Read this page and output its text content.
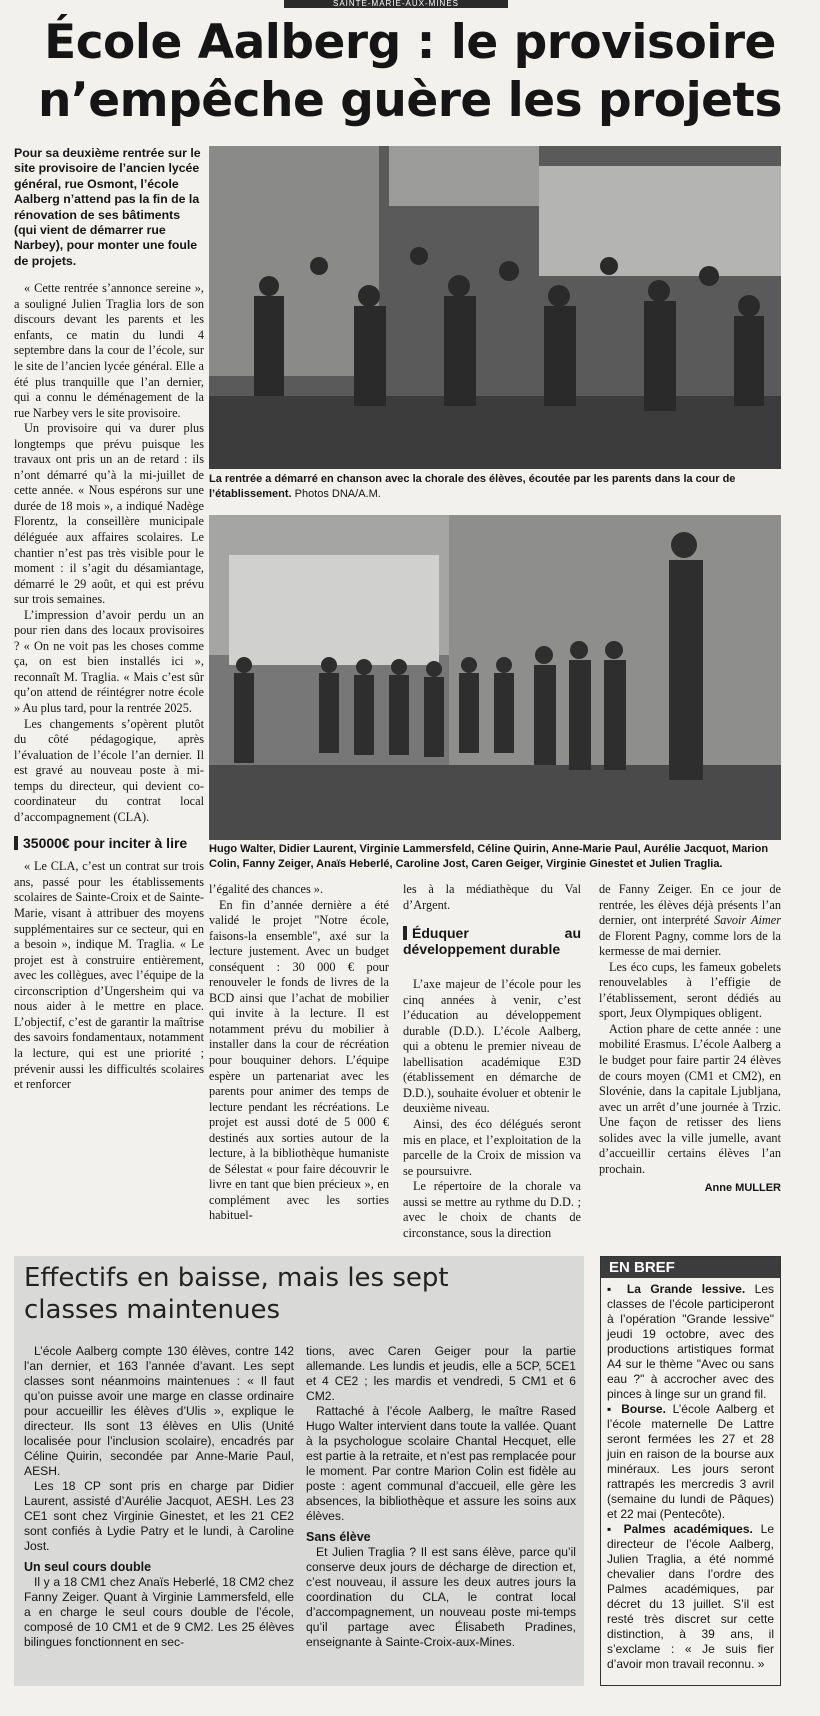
SAINTE-MARIE-AUX-MINES
École Aalberg : le provisoire n’empêche guère les projets
Pour sa deuxième rentrée sur le site provisoire de l’ancien lycée général, rue Osmont, l’école Aalberg n’attend pas la fin de la rénovation de ses bâtiments (qui vient de démarrer rue Narbey), pour monter une foule de projets.

« Cette rentrée s’annonce sereine », a souligné Julien Traglia lors de son discours devant les parents et les enfants, ce matin du lundi 4 septembre dans la cour de l’école, sur le site de l’ancien lycée général. Elle a été plus tranquille que l’an dernier, qui a connu le déménagement de la rue Narbey vers le site provisoire.

Un provisoire qui va durer plus longtemps que prévu puisque les travaux ont pris un an de retard : ils n’ont démarré qu’à la mi-juillet de cette année. « Nous espérons sur une durée de 18 mois », a indiqué Nadège Florentz, la conseillère municipale déléguée aux affaires scolaires. Le chantier n’est pas très visible pour le moment : il s’agit du désamiantage, démarré le 29 août, et qui est prévu sur trois semaines.

L’impression d’avoir perdu un an pour rien dans des locaux provisoires ? « On ne voit pas les choses comme ça, on est bien installés ici », reconnaît M. Traglia. « Mais c’est sûr qu’on attend de réintégrer notre école » Au plus tard, pour la rentrée 2025.

Les changements s’opèrent plutôt du côté pédagogique, après l’évaluation de l’école l’an dernier. Il est gravé au nouveau poste à mi-temps du directeur, qui devient co-coordinateur du contrat local d’accompagnement (CLA).

35000€ pour inciter à lire

« Le CLA, c’est un contrat sur trois ans, passé pour les établissements scolaires de Sainte-Croix et de Sainte-Marie, visant à attribuer des moyens supplémentaires sur ce secteur, qui en a besoin », indique M. Traglia. « Le projet est à construire entièrement, avec les collègues, avec l’équipe de la circonscription d’Ungersheim qui va nous aider à le mettre en place. L’objectif, c’est de garantir la maîtrise des savoirs fondamentaux, notamment la lecture, qui est une priorité ; prévenir aussi les difficultés scolaires et renforcer

La rentrée a démarré en chanson avec la chorale des élèves, écoutée par les parents dans la cour de l’établissement. Photos DNA/A.M.
Hugo Walter, Didier Laurent, Virginie Lammersfeld, Céline Quirin, Anne-Marie Paul, Aurélie Jacquot, Marion Colin, Fanny Zeiger, Anaïs Heberlé, Caroline Jost, Caren Geiger, Virginie Ginestet et Julien Traglia.

l’égalité des chances ».

En fin d’année dernière a été validé le projet "Notre école, faisons-la ensemble", axé sur la lecture justement. Avec un budget conséquent : 30 000 € pour renouveler le fonds de livres de la BCD ainsi que l’achat de mobilier qui invite à la lecture. Il est notamment prévu du mobilier à installer dans la cour de récréation pour bouquiner dehors. L’équipe espère un partenariat avec les parents pour animer des temps de lecture pendant les récréations. Le projet est aussi doté de 5 000 € destinés aux sorties autour de la lecture, à la bibliothèque humaniste de Sélestat « pour faire découvrir le livre en tant que bien précieux », en complément avec les sorties habituel-

les à la médiathèque du Val d’Argent.

Éduquer au développement durable

L’axe majeur de l’école pour les cinq années à venir, c’est l’éducation au développement durable (D.D.). L’école Aalberg, qui a obtenu le premier niveau de labellisation académique E3D (établissement en démarche de D.D.), souhaite évoluer et obtenir le deuxième niveau.

Ainsi, des éco délégués seront mis en place, et l’exploitation de la parcelle de la Croix de mission va se poursuivre.

Le répertoire de la chorale va aussi se mettre au rythme du D.D. ; avec le choix de chants de circonstance, sous la direction

de Fanny Zeiger. En ce jour de rentrée, les élèves déjà présents l’an dernier, ont interprété Savoir Aimer de Florent Pagny, comme lors de la kermesse de mai dernier.

Les éco cups, les fameux gobelets renouvelables à l’effigie de l’établissement, seront dédiés au sport, Jeux Olympiques obligent.

Action phare de cette année : une mobilité Erasmus. L’école Aalberg a le budget pour faire partir 24 élèves de cours moyen (CM1 et CM2), en Slovénie, dans la capitale Ljubljana, avec un arrêt d’une journée à Trzic. Une façon de retisser des liens solides avec la ville jumelle, avant d’accueillir certains élèves l’an prochain.

Anne MULLER
Effectifs en baisse, mais les sept classes maintenues

L’école Aalberg compte 130 élèves, contre 142 l’an dernier, et 163 l’année d’avant. Les sept classes sont néanmoins maintenues : « Il faut qu’on puisse avoir une marge en classe ordinaire pour accueillir les élèves d’Ulis », explique le directeur. Ils sont 13 élèves en Ulis (Unité localisée pour l’inclusion scolaire), encadrés par Céline Quirin, secondée par Anne-Marie Paul, AESH.

Les 18 CP sont pris en charge par Didier Laurent, assisté d’Aurélie Jacquot, AESH. Les 23 CE1 sont chez Virginie Ginestet, et les 21 CE2 sont confiés à Lydie Patry et le lundi, à Caroline Jost.

Un seul cours double

Il y a 18 CM1 chez Anaïs Heberlé, 18 CM2 chez Fanny Zeiger. Quant à Virginie Lammersfeld, elle a en charge le seul cours double de l’école, composé de 10 CM1 et de 9 CM2. Les 25 élèves bilingues fonctionnent en sec-

tions, avec Caren Geiger pour la partie allemande. Les lundis et jeudis, elle a 5CP, 5CE1 et 4 CE2 ; les mardis et vendredi, 5 CM1 et 6 CM2.

Rattaché à l’école Aalberg, le maître Rased Hugo Walter intervient dans toute la vallée. Quant à la psychologue scolaire Chantal Hecquet, elle est partie à la retraite, et n’est pas remplacée pour le moment. Par contre Marion Colin est fidèle au poste : agent communal d’accueil, elle gère les absences, la bibliothèque et assure les soins aux élèves.

Sans élève

Et Julien Traglia ? Il est sans élève, parce qu’il conserve deux jours de décharge de direction et, c’est nouveau, il assure les deux autres jours la coordination du CLA, le contrat local d’accompagnement, un nouveau poste mi-temps qu’il partage avec Élisabeth Pradines, enseignante à Sainte-Croix-aux-Mines.

EN BREF

▪ La Grande lessive. Les classes de l’école participeront à l’opération "Grande lessive" jeudi 19 octobre, avec des productions artistiques format A4 sur le thème "Avec ou sans eau ?" à accrocher avec des pinces à linge sur un grand fil.

▪ Bourse. L’école Aalberg et l’école maternelle De Lattre seront fermées les 27 et 28 juin en raison de la bourse aux minéraux. Les jours seront rattrapés les mercredis 3 avril (semaine du lundi de Pâques) et 22 mai (Pentecôte).

▪ Palmes académiques. Le directeur de l’école Aalberg, Julien Traglia, a été nommé chevalier dans l’ordre des Palmes académiques, par décret du 13 juillet. S’il est resté très discret sur cette distinction, à 39 ans, il s’exclame : « Je suis fier d’avoir mon travail reconnu. »
